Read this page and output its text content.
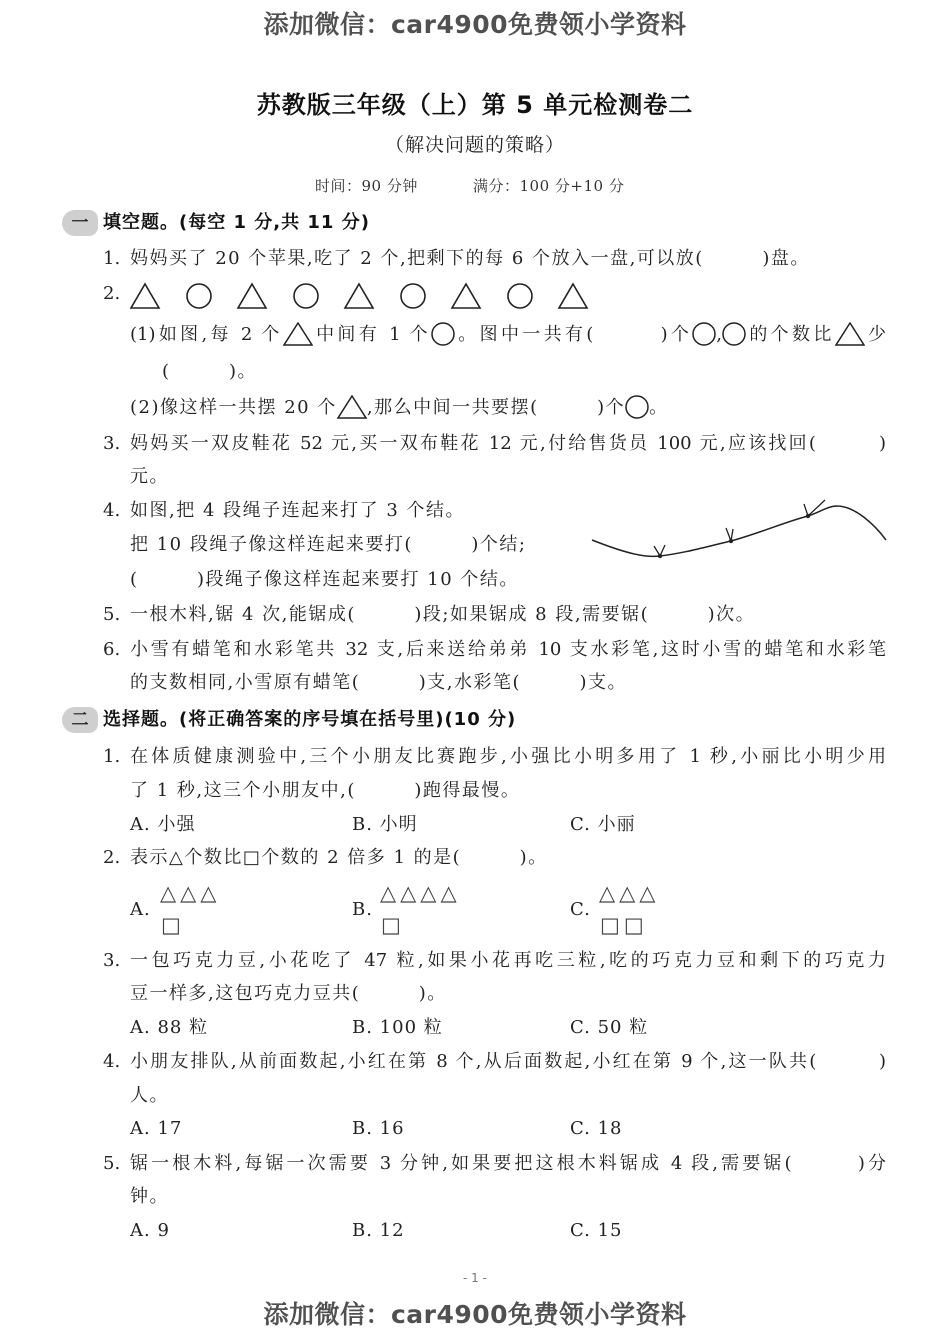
添加微信：car4900免费领小学资料
苏教版三年级（上）第 5 单元检测卷二
（解决问题的策略）
时间：90 分钟	满分：100 分+10 分
一 填空题。(每空 1 分,共 11 分)
1. 妈妈买了 20 个苹果,吃了 2 个,把剩下的每 6 个放入一盘,可以放(　　　)盘。
2.
(1)如图,每 2 个 中间有 1 个 。图中一共有(　　　)个 , 的个数比 少
(　　　)。
(2)像这样一共摆 20 个 ,那么中间一共要摆(　　　)个 。
3. 妈妈买一双皮鞋花 52 元,买一双布鞋花 12 元,付给售货员 100 元,应该找回(　　　)
元。
4. 如图,把 4 段绳子连起来打了 3 个结。
把 10 段绳子像这样连起来要打(　　　)个结;
(　　　)段绳子像这样连起来要打 10 个结。
5. 一根木料,锯 4 次,能锯成(　　　)段;如果锯成 8 段,需要锯(　　　)次。
6. 小雪有蜡笔和水彩笔共 32 支,后来送给弟弟 10 支水彩笔,这时小雪的蜡笔和水彩笔
的支数相同,小雪原有蜡笔(　　　)支,水彩笔(　　　)支。
二 选择题。(将正确答案的序号填在括号里)(10 分)
1. 在体质健康测验中,三个小朋友比赛跑步,小强比小明多用了 1 秒,小丽比小明少用
了 1 秒,这三个小朋友中,(　　　)跑得最慢。
A. 小强	B. 小明	C. 小丽
2. 表示△个数比□个数的 2 倍多 1 的是(　　　)。
A.
△△△
□
B.
△△△△
□
C.
△△△
□□
3. 一包巧克力豆,小花吃了 47 粒,如果小花再吃三粒,吃的巧克力豆和剩下的巧克力
豆一样多,这包巧克力豆共(　　　)。
A. 88 粒	B. 100 粒	C. 50 粒
4. 小朋友排队,从前面数起,小红在第 8 个,从后面数起,小红在第 9 个,这一队共(　　　)
人。
A. 17	B. 16	C. 18
5. 锯一根木料,每锯一次需要 3 分钟,如果要把这根木料锯成 4 段,需要锯(　　　)分
钟。
A. 9	B. 12	C. 15
- 1 -
添加微信：car4900免费领小学资料
